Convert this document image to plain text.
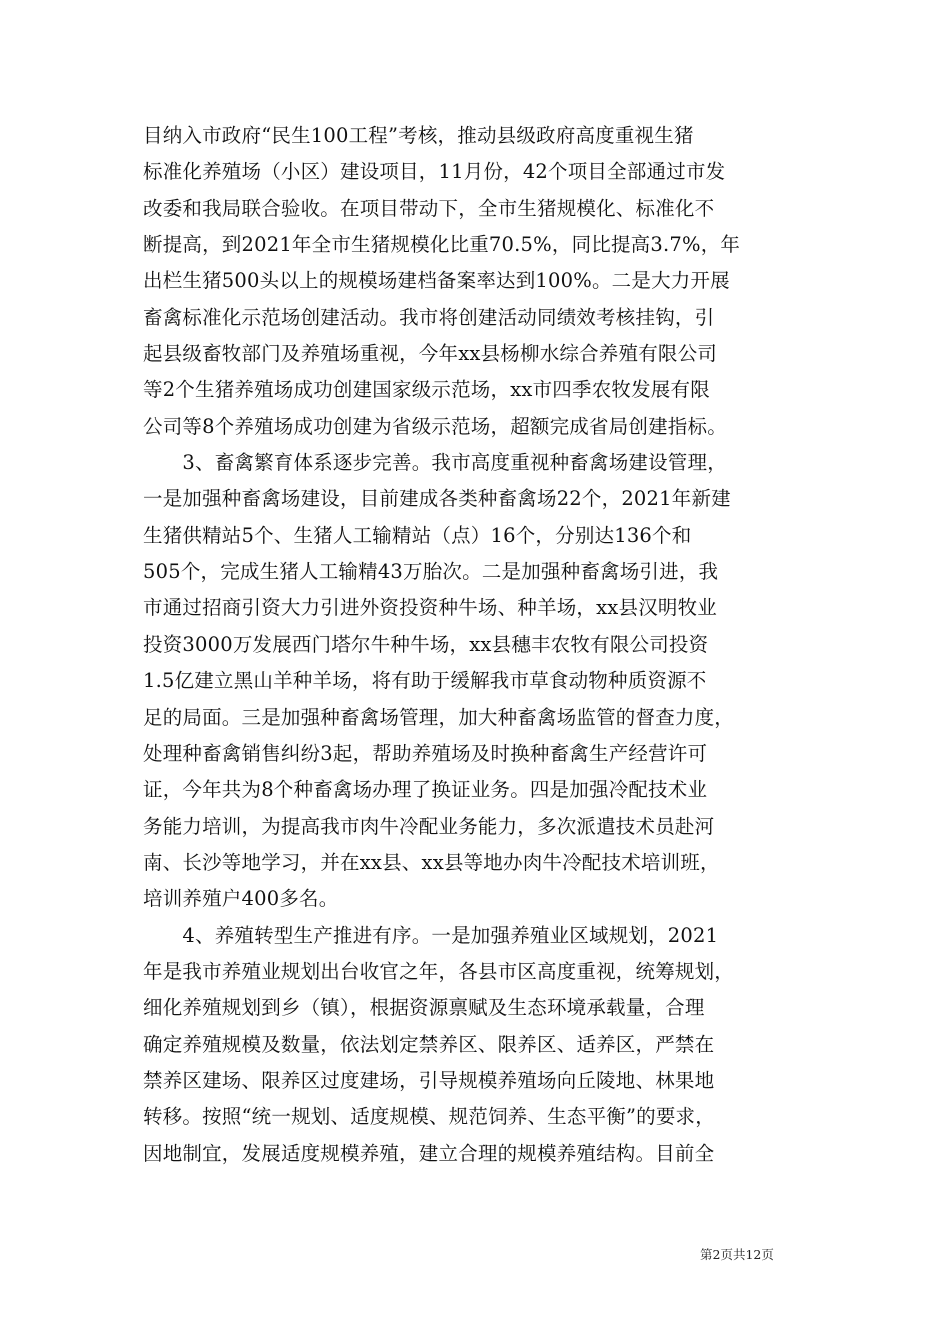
目纳入市政府“民生100工程”考核，推动县级政府高度重视生猪
标准化养殖场（小区）建设项目，11月份，42个项目全部通过市发
改委和我局联合验收。在项目带动下，全市生猪规模化、标准化不
断提高，到2021年全市生猪规模化比重70.5%，同比提高3.7%，年
出栏生猪500头以上的规模场建档备案率达到100%。二是大力开展
畜禽标准化示范场创建活动。我市将创建活动同绩效考核挂钩，引
起县级畜牧部门及养殖场重视，今年xx县杨柳水综合养殖有限公司
等2个生猪养殖场成功创建国家级示范场，xx市四季农牧发展有限
公司等8个养殖场成功创建为省级示范场，超额完成省局创建指标。
　　3、畜禽繁育体系逐步完善。我市高度重视种畜禽场建设管理，
一是加强种畜禽场建设，目前建成各类种畜禽场22个，2021年新建
生猪供精站5个、生猪人工输精站（点）16个，分别达136个和
505个，完成生猪人工输精43万胎次。二是加强种畜禽场引进，我
市通过招商引资大力引进外资投资种牛场、种羊场，xx县汉明牧业
投资3000万发展西门塔尔牛种牛场，xx县穗丰农牧有限公司投资
1.5亿建立黑山羊种羊场，将有助于缓解我市草食动物种质资源不
足的局面。三是加强种畜禽场管理，加大种畜禽场监管的督查力度，
处理种畜禽销售纠纷3起，帮助养殖场及时换种畜禽生产经营许可
证，今年共为8个种畜禽场办理了换证业务。四是加强冷配技术业
务能力培训，为提高我市肉牛冷配业务能力，多次派遣技术员赴河
南、长沙等地学习，并在xx县、xx县等地办肉牛冷配技术培训班，
培训养殖户400多名。
　　4、养殖转型生产推进有序。一是加强养殖业区域规划，2021
年是我市养殖业规划出台收官之年，各县市区高度重视，统筹规划，
细化养殖规划到乡（镇），根据资源禀赋及生态环境承载量，合理
确定养殖规模及数量，依法划定禁养区、限养区、适养区，严禁在
禁养区建场、限养区过度建场，引导规模养殖场向丘陵地、林果地
转移。按照“统一规划、适度规模、规范饲养、生态平衡”的要求，
因地制宜，发展适度规模养殖，建立合理的规模养殖结构。目前全
第2页共12页
